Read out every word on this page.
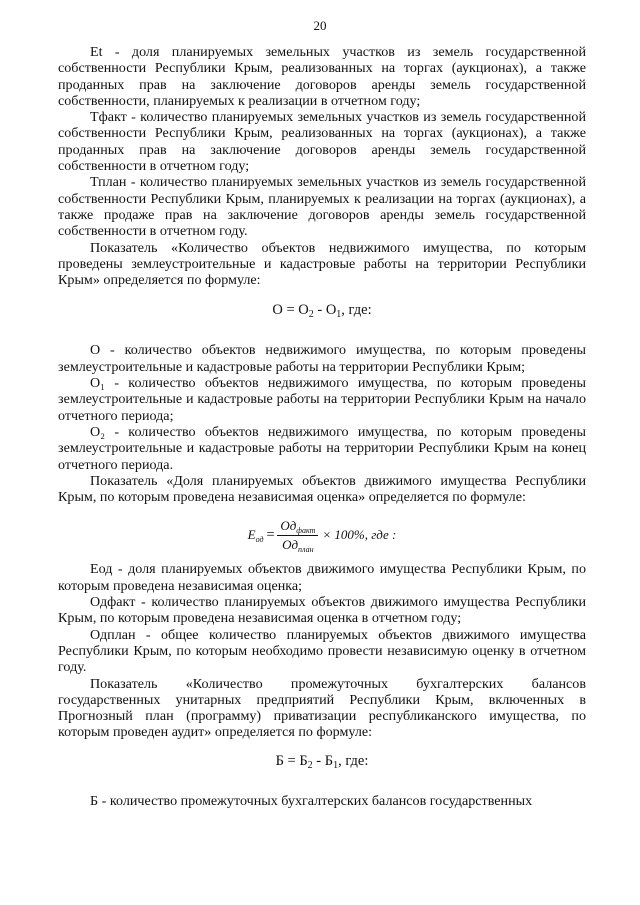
20

Et - доля планируемых земельных участков из земель государственной собственности Республики Крым, реализованных на торгах (аукционах), а также проданных прав на заключение договоров аренды земель государственной собственности, планируемых к реализации в отчетном году;

Тфакт - количество планируемых земельных участков из земель государственной собственности Республики Крым, реализованных на торгах (аукционах), а также проданных прав на заключение договоров аренды земель государственной собственности в отчетном году;

Тплан - количество планируемых земельных участков из земель государственной собственности Республики Крым, планируемых к реализации на торгах (аукционах), а также продаже прав на заключение договоров аренды земель государственной собственности в отчетном году.

Показатель «Количество объектов недвижимого имущества, по которым проведены землеустроительные и кадастровые работы на территории Республики Крым» определяется по формуле:

$О = О_2 - О_1$, где:

О - количество объектов недвижимого имущества, по которым проведены землеустроительные и кадастровые работы на территории Республики Крым;

О₁ - количество объектов недвижимого имущества, по которым проведены землеустроительные и кадастровые работы на территории Республики Крым на начало отчетного периода;

О₂ - количество объектов недвижимого имущества, по которым проведены землеустроительные и кадастровые работы на территории Республики Крым на конец отчетного периода.

Показатель «Доля планируемых объектов движимого имущества Республики Крым, по которым проведена независимая оценка» определяется по формуле:

$E_{од} = \frac{Од_{факт}}{Од_{план}} \times 100\%$, где :

Еод - доля планируемых объектов движимого имущества Республики Крым, по которым проведена независимая оценка;

Одфакт - количество планируемых объектов движимого имущества Республики Крым, по которым проведена независимая оценка в отчетном году;

Одплан - общее количество планируемых объектов движимого имущества Республики Крым, по которым необходимо провести независимую оценку в отчетном году.

Показатель «Количество промежуточных бухгалтерских балансов государственных унитарных предприятий Республики Крым, включенных в Прогнозный план (программу) приватизации республиканского имущества, по которым проведен аудит» определяется по формуле:

$Б = Б_2 - Б_1$, где:

Б - количество промежуточных бухгалтерских балансов государственных
